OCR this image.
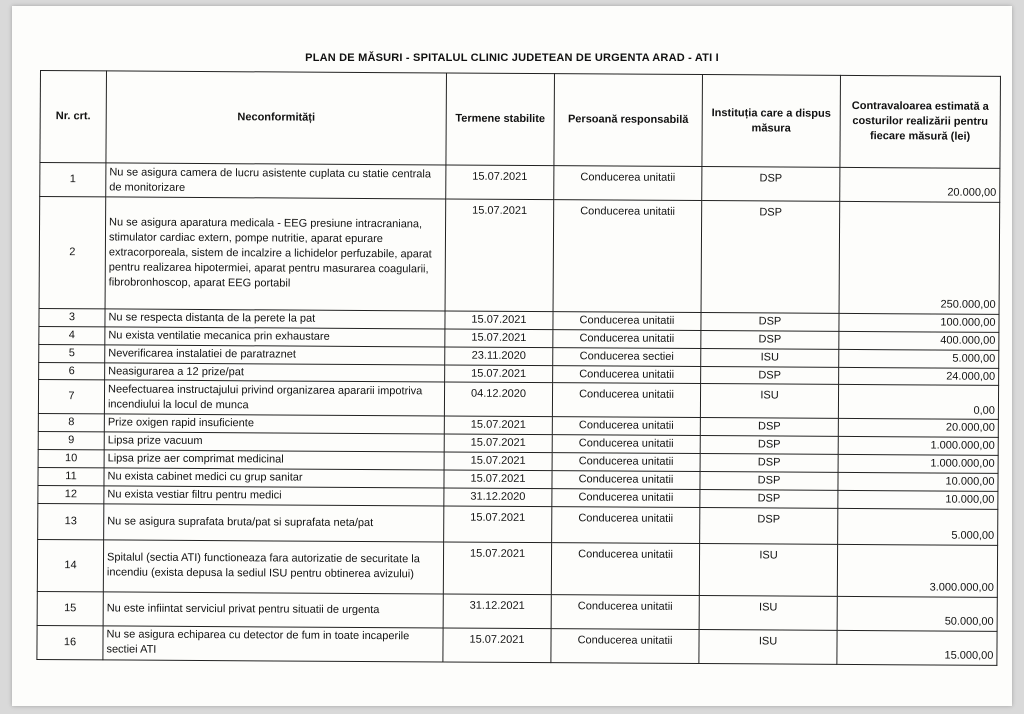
PLAN DE MĂSURI - SPITALUL CLINIC JUDETEAN DE URGENTA ARAD - ATI I
Nr. crt.	Neconformități	Termene stabilite	Persoană responsabilă	Instituția care a dispus măsura	Contravaloarea estimată a costurilor realizării pentru fiecare măsură (lei)
1	Nu se asigura camera de lucru asistente cuplata cu statie centrala de monitorizare	15.07.2021	Conducerea unitatii	DSP	20.000,00
2	Nu se asigura aparatura medicala - EEG presiune intracraniana, stimulator cardiac extern, pompe nutritie, aparat epurare extracorporeala, sistem de incalzire a lichidelor perfuzabile, aparat pentru realizarea hipotermiei, aparat pentru masurarea coagularii, fibrobronhoscop, aparat EEG portabil	15.07.2021	Conducerea unitatii	DSP	250.000,00
3	Nu se respecta distanta de la perete la pat	15.07.2021	Conducerea unitatii	DSP	100.000,00
4	Nu exista ventilatie mecanica prin exhaustare	15.07.2021	Conducerea unitatii	DSP	400.000,00
5	Neverificarea instalatiei de paratraznet	23.11.2020	Conducerea sectiei	ISU	5.000,00
6	Neasigurarea a 12 prize/pat	15.07.2021	Conducerea unitatii	DSP	24.000,00
7	Neefectuarea instructajului privind organizarea apararii impotriva incendiului la locul de munca	04.12.2020	Conducerea unitatii	ISU	0,00
8	Prize oxigen rapid insuficiente	15.07.2021	Conducerea unitatii	DSP	20.000,00
9	Lipsa prize vacuum	15.07.2021	Conducerea unitatii	DSP	1.000.000,00
10	Lipsa prize aer comprimat medicinal	15.07.2021	Conducerea unitatii	DSP	1.000.000,00
11	Nu exista cabinet medici cu grup sanitar	15.07.2021	Conducerea unitatii	DSP	10.000,00
12	Nu exista vestiar filtru pentru medici	31.12.2020	Conducerea unitatii	DSP	10.000,00
13	Nu se asigura suprafata bruta/pat si suprafata neta/pat	15.07.2021	Conducerea unitatii	DSP	5.000,00
14	Spitalul (sectia ATI) functioneaza fara autorizatie de securitate la incendiu (exista depusa la sediul ISU pentru obtinerea avizului)	15.07.2021	Conducerea unitatii	ISU	3.000.000,00
15	Nu este infiintat serviciul privat pentru situatii de urgenta	31.12.2021	Conducerea unitatii	ISU	50.000,00
16	Nu se asigura echiparea cu detector de fum in toate incaperile sectiei ATI	15.07.2021	Conducerea unitatii	ISU	15.000,00
